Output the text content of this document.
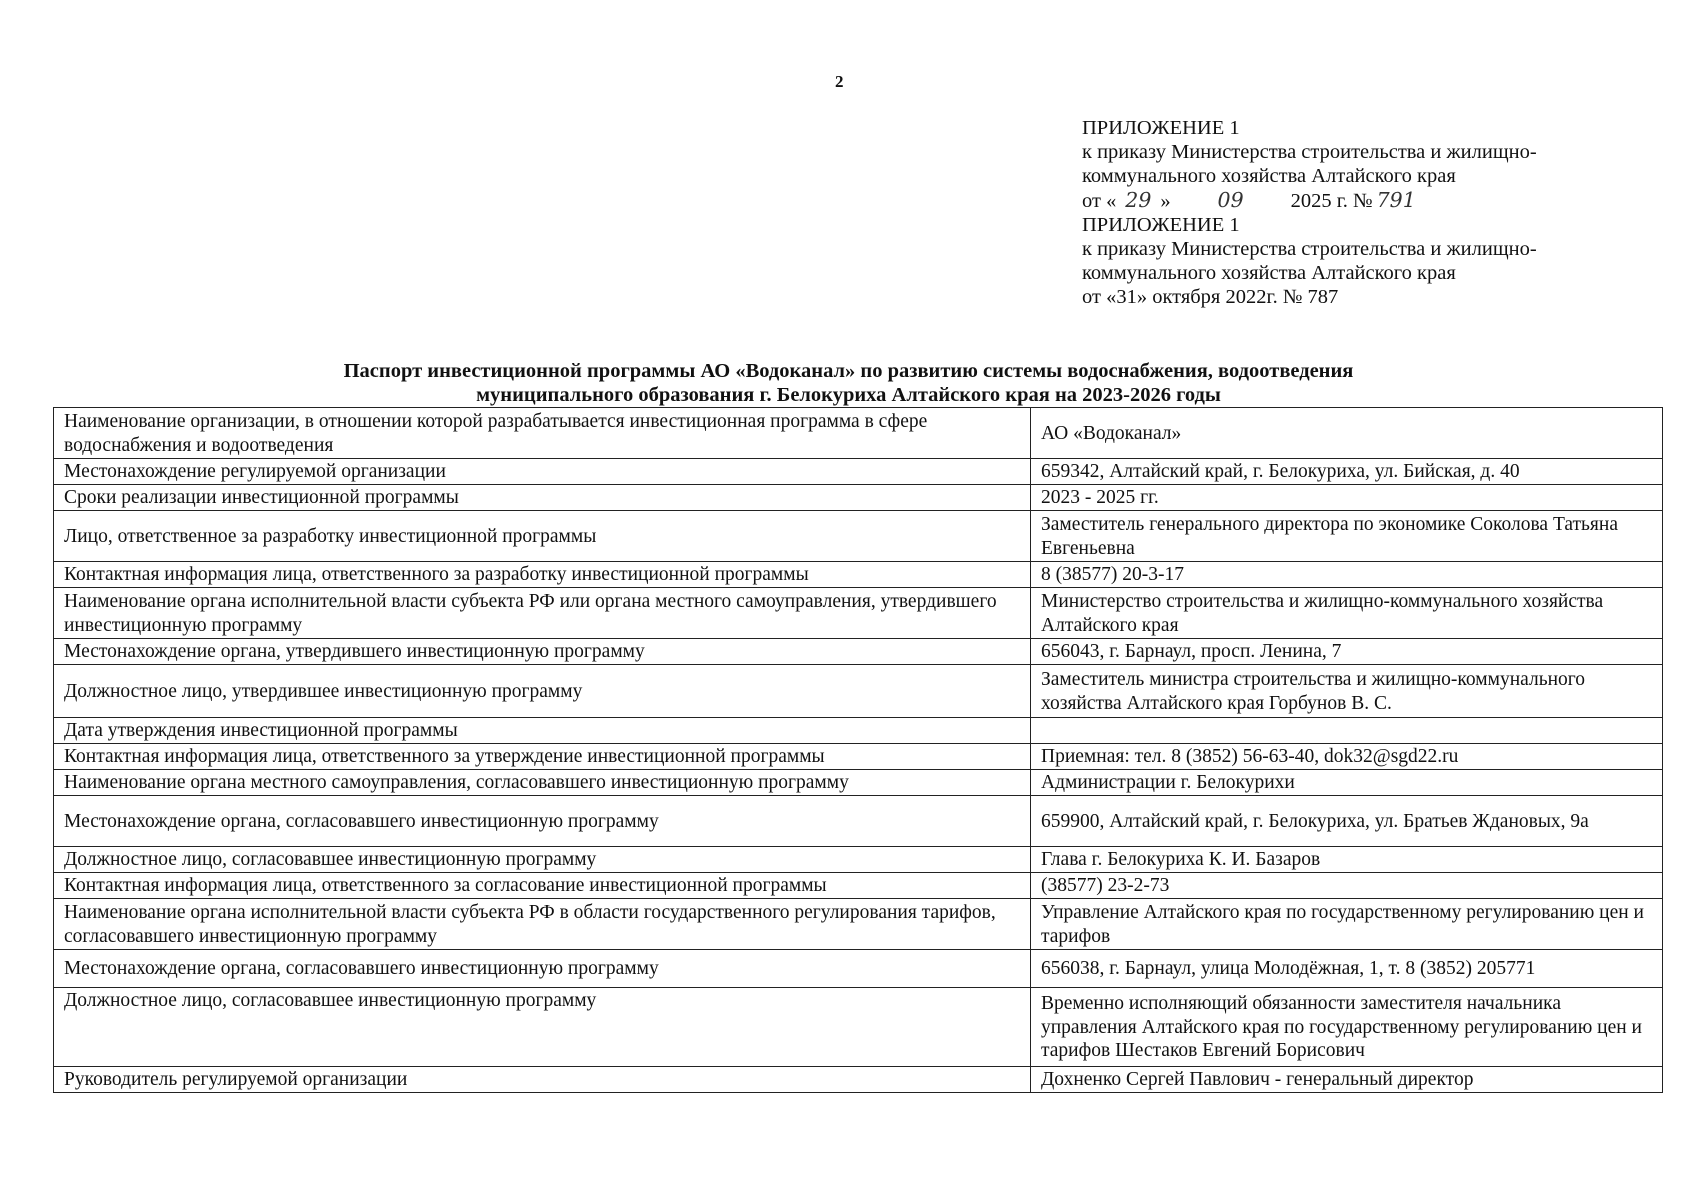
2
ПРИЛОЖЕНИЕ 1
к приказу Министерства строительства и жилищно-
коммунального хозяйства Алтайского края
от « 29 » 09 2025 г. № 791
ПРИЛОЖЕНИЕ 1
к приказу Министерства строительства и жилищно-
коммунального хозяйства Алтайского края
от «31» октября 2022г. № 787
Паспорт инвестиционной программы АО «Водоканал» по развитию системы водоснабжения, водоотведения
муниципального образования г. Белокуриха Алтайского края на 2023-2026 годы
Наименование организации, в отношении которой разрабатывается инвестиционная программа в сфере водоснабжения и водоотведения	АО «Водоканал»
Местонахождение регулируемой организации	659342, Алтайский край, г. Белокуриха, ул. Бийская, д. 40
Сроки реализации инвестиционной программы	2023 - 2025 гг.
Лицо, ответственное за разработку инвестиционной программы	Заместитель генерального директора по экономике Соколова Татьяна Евгеньевна
Контактная информация лица, ответственного за разработку инвестиционной программы	8 (38577) 20-3-17
Наименование органа исполнительной власти субъекта РФ или органа местного самоуправления, утвердившего инвестиционную программу	Министерство строительства и жилищно-коммунального хозяйства Алтайского края
Местонахождение органа, утвердившего инвестиционную программу	656043, г. Барнаул, просп. Ленина, 7
Должностное лицо, утвердившее инвестиционную программу	Заместитель министра строительства и жилищно-коммунального хозяйства Алтайского края Горбунов В. С.
Дата утверждения инвестиционной программы	
Контактная информация лица, ответственного за утверждение инвестиционной программы	Приемная: тел. 8 (3852) 56-63-40, dok32@sgd22.ru
Наименование органа местного самоуправления, согласовавшего инвестиционную программу	Администрации г. Белокурихи
Местонахождение органа, согласовавшего инвестиционную программу	659900, Алтайский край, г. Белокуриха, ул. Братьев Ждановых, 9а
Должностное лицо, согласовавшее инвестиционную программу	Глава г. Белокуриха К. И. Базаров
Контактная информация лица, ответственного за согласование инвестиционной программы	(38577) 23-2-73
Наименование органа исполнительной власти субъекта РФ в области государственного регулирования тарифов, согласовавшего инвестиционную программу	Управление Алтайского края по государственному регулированию цен и тарифов
Местонахождение органа, согласовавшего инвестиционную программу	656038, г. Барнаул, улица Молодёжная, 1, т. 8 (3852) 205771
Должностное лицо, согласовавшее инвестиционную программу	Временно исполняющий обязанности заместителя начальника управления Алтайского края по государственному регулированию цен и тарифов Шестаков Евгений Борисович
Руководитель регулируемой организации	Дохненко Сергей Павлович - генеральный директор
